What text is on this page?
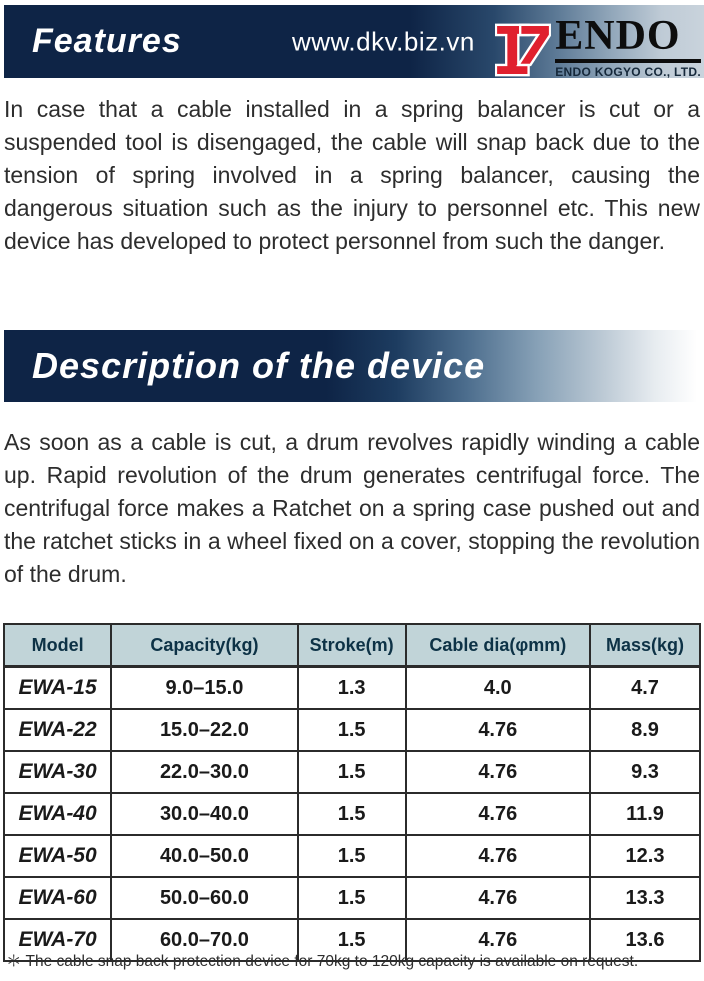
Features	www.dkv.biz.vn ENDO
ENDO KOGYO CO., LTD.

In case that a cable installed in a spring balancer is cut or a suspended tool is disengaged, the cable will snap back due to the tension of spring involved in a spring balancer, causing the dangerous situation such as the injury to personnel etc. This new device has developed to protect personnel from such the danger.

Description of the device

As soon as a cable is cut, a drum revolves rapidly winding a cable up. Rapid revolution of the drum generates centrifugal force. The centrifugal force makes a Ratchet on a spring case pushed out and the ratchet sticks in a wheel fixed on a cover, stopping the revolution of the drum.

Model	Capacity(kg)	Stroke(m)	Cable dia(φmm)	Mass(kg)
EWA-15	9.0–15.0	1.3	4.0	4.7
EWA-22	15.0–22.0	1.5	4.76	8.9
EWA-30	22.0–30.0	1.5	4.76	9.3
EWA-40	30.0–40.0	1.5	4.76	11.9
EWA-50	40.0–50.0	1.5	4.76	12.3
EWA-60	50.0–60.0	1.5	4.76	13.3
EWA-70	60.0–70.0	1.5	4.76	13.6

＊ The cable snap back protection device for 70kg to 120kg capacity is available on request.
